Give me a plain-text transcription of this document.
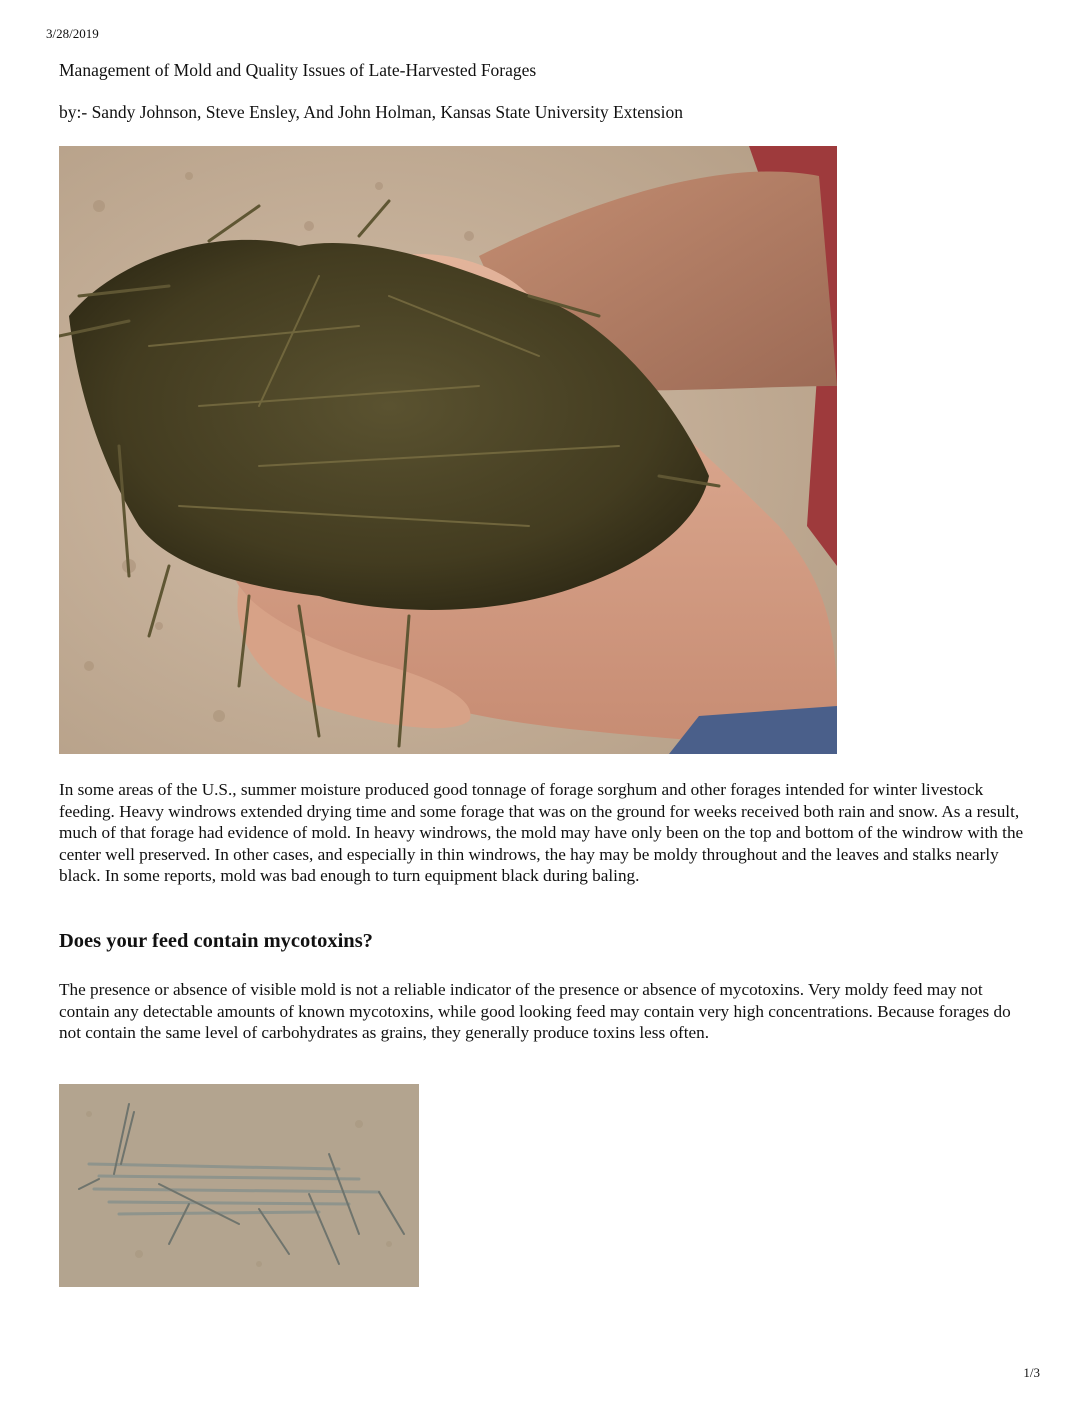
3/28/2019
Management of Mold and Quality Issues of Late-Harvested Forages
by:- Sandy Johnson, Steve Ensley, And John Holman, Kansas State University Extension

In some areas of the U.S., summer moisture produced good tonnage of forage sorghum and other forages intended for winter livestock feeding. Heavy windrows extended drying time and some forage that was on the ground for weeks received both rain and snow. As a result, much of that forage had evidence of mold. In heavy windrows, the mold may have only been on the top and bottom of the windrow with the center well preserved. In other cases, and especially in thin windrows, the hay may be moldy throughout and the leaves and stalks nearly black. In some reports, mold was bad enough to turn equipment black during baling.

Does your feed contain mycotoxins?

The presence or absence of visible mold is not a reliable indicator of the presence or absence of mycotoxins. Very moldy feed may not contain any detectable amounts of known mycotoxins, while good looking feed may contain very high concentrations. Because forages do not contain the same level of carbohydrates as grains, they generally produce toxins less often.

1/3
